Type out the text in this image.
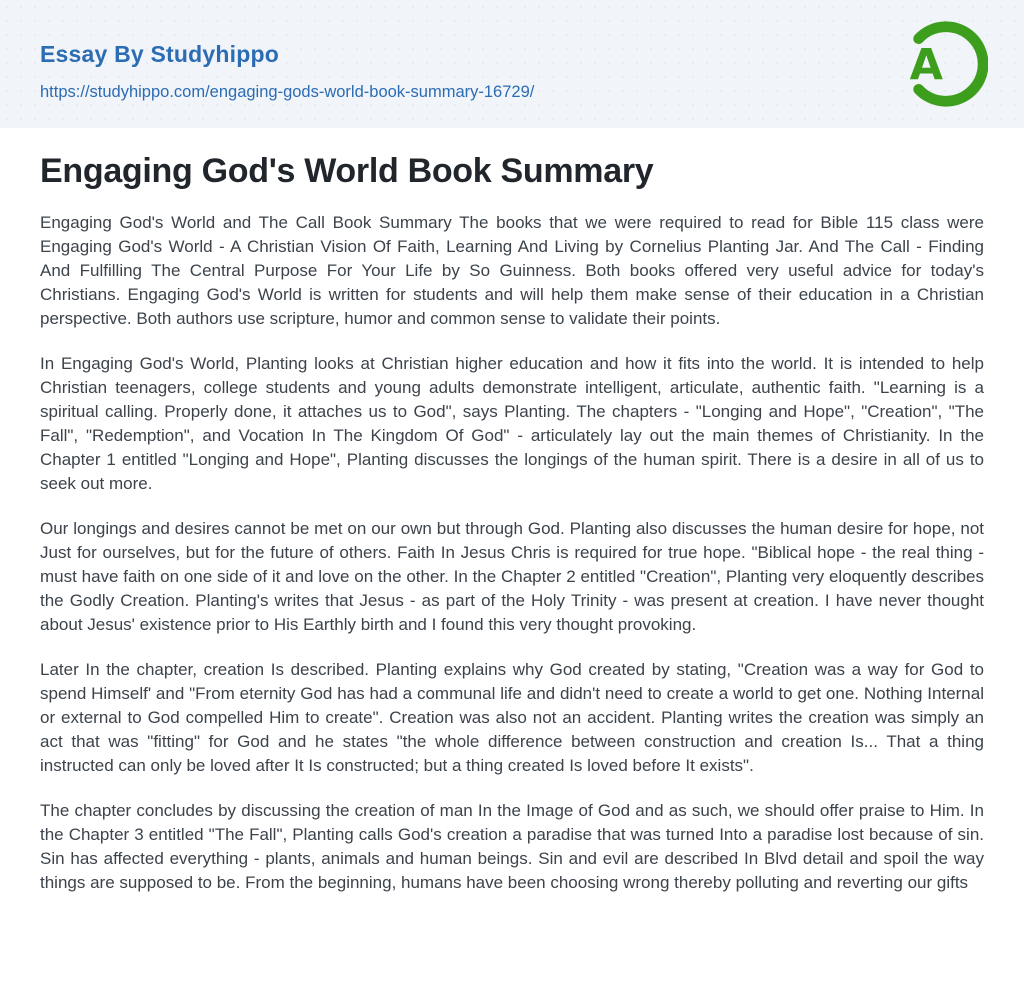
Essay By Studyhippo
https://studyhippo.com/engaging-gods-world-book-summary-16729/
A
Engaging God's World Book Summary

Engaging God's World and The Call Book Summary The books that we were required to read for Bible 115 class were Engaging God's World - A Christian Vision Of Faith, Learning And Living by Cornelius Planting Jar. And The Call - Finding And Fulfilling The Central Purpose For Your Life by So Guinness. Both books offered very useful advice for today's Christians. Engaging God's World is written for students and will help them make sense of their education in a Christian perspective. Both authors use scripture, humor and common sense to validate their points.

In Engaging God's World, Planting looks at Christian higher education and how it fits into the world. It is intended to help Christian teenagers, college students and young adults demonstrate intelligent, articulate, authentic faith. "Learning is a spiritual calling. Properly done, it attaches us to God", says Planting. The chapters - "Longing and Hope", "Creation", "The Fall", "Redemption", and Vocation In The Kingdom Of God" - articulately lay out the main themes of Christianity. In the Chapter 1 entitled "Longing and Hope", Planting discusses the longings of the human spirit. There is a desire in all of us to seek out more.

Our longings and desires cannot be met on our own but through God. Planting also discusses the human desire for hope, not Just for ourselves, but for the future of others. Faith In Jesus Chris is required for true hope. "Biblical hope - the real thing - must have faith on one side of it and love on the other. In the Chapter 2 entitled "Creation", Planting very eloquently describes the Godly Creation. Planting's writes that Jesus - as part of the Holy Trinity - was present at creation. I have never thought about Jesus' existence prior to His Earthly birth and I found this very thought provoking.

Later In the chapter, creation Is described. Planting explains why God created by stating, "Creation was a way for God to spend Himself' and "From eternity God has had a communal life and didn't need to create a world to get one. Nothing Internal or external to God compelled Him to create". Creation was also not an accident. Planting writes the creation was simply an act that was "fitting" for God and he states "the whole difference between construction and creation Is... That a thing instructed can only be loved after It Is constructed; but a thing created Is loved before It exists".

The chapter concludes by discussing the creation of man In the Image of God and as such, we should offer praise to Him. In the Chapter 3 entitled "The Fall", Planting calls God's creation a paradise that was turned Into a paradise lost because of sin. Sin has affected everything - plants, animals and human beings. Sin and evil are described In Blvd detail and spoil the way things are supposed to be. From the beginning, humans have been choosing wrong thereby polluting and reverting our gifts
